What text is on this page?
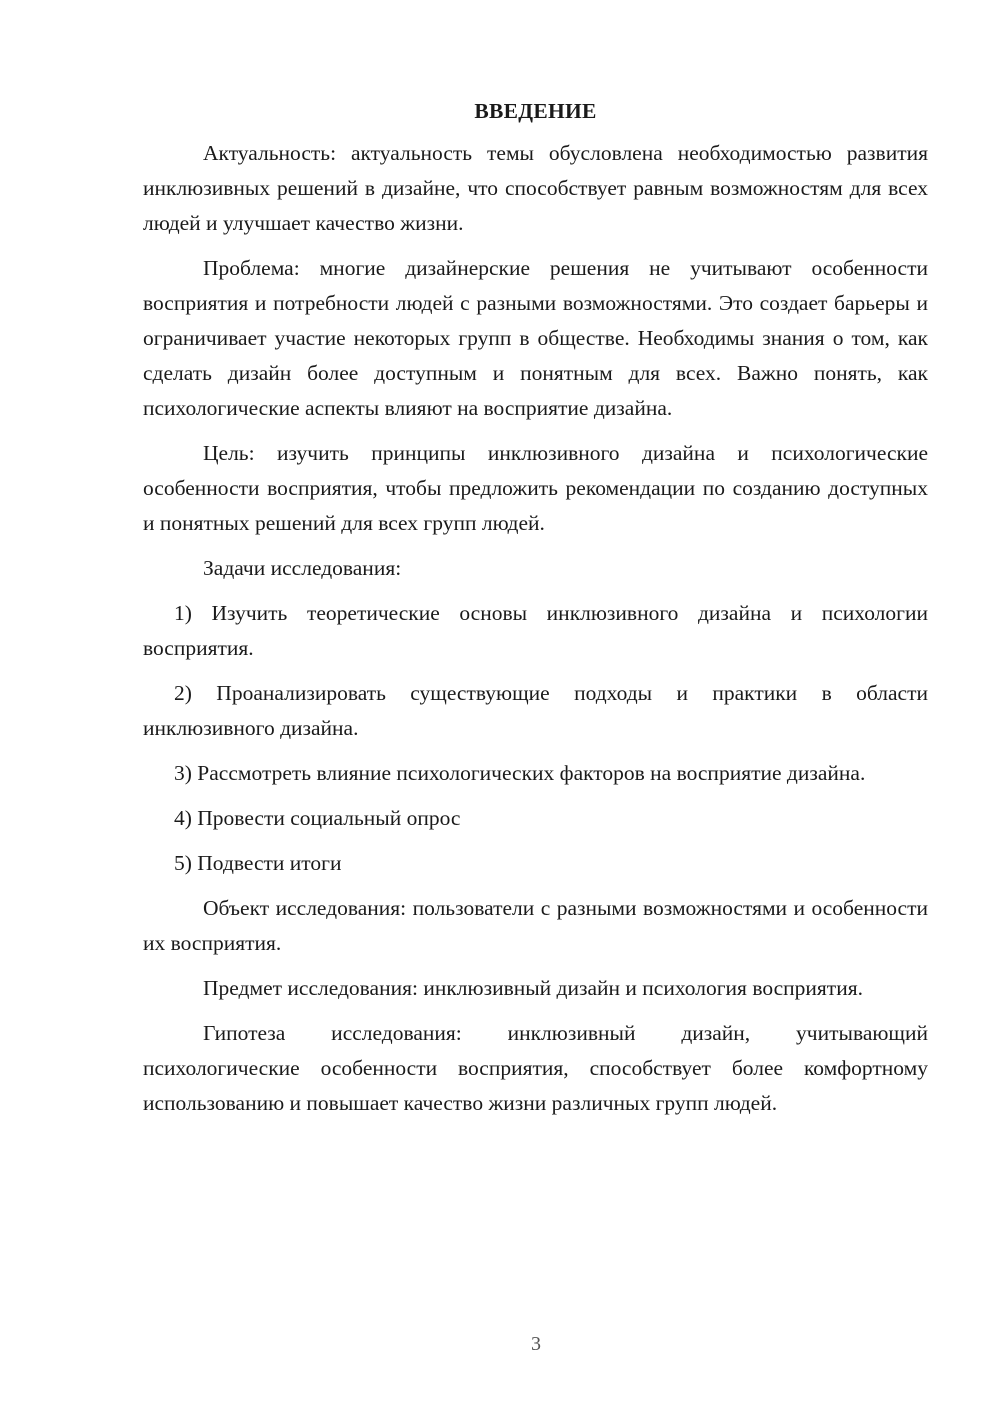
ВВЕДЕНИЕ

Актуальность: актуальность темы обусловлена необходимостью развития инклюзивных решений в дизайне, что способствует равным возможностям для всех людей и улучшает качество жизни.

Проблема: многие дизайнерские решения не учитывают особенности восприятия и потребности людей с разными возможностями. Это создает барьеры и ограничивает участие некоторых групп в обществе. Необходимы знания о том, как сделать дизайн более доступным и понятным для всех. Важно понять, как психологические аспекты влияют на восприятие дизайна.

Цель: изучить принципы инклюзивного дизайна и психологические особенности восприятия, чтобы предложить рекомендации по созданию доступных и понятных решений для всех групп людей.

Задачи исследования:

1) Изучить теоретические основы инклюзивного дизайна и психологии восприятия.

2) Проанализировать существующие подходы и практики в области инклюзивного дизайна.

3) Рассмотреть влияние психологических факторов на восприятие дизайна.

4) Провести социальный опрос

5) Подвести итоги

Объект исследования: пользователи с разными возможностями и особенности их восприятия.

Предмет исследования: инклюзивный дизайн и психология восприятия.

Гипотеза исследования: инклюзивный дизайн, учитывающий психологические особенности восприятия, способствует более комфортному использованию и повышает качество жизни различных групп людей.

3
